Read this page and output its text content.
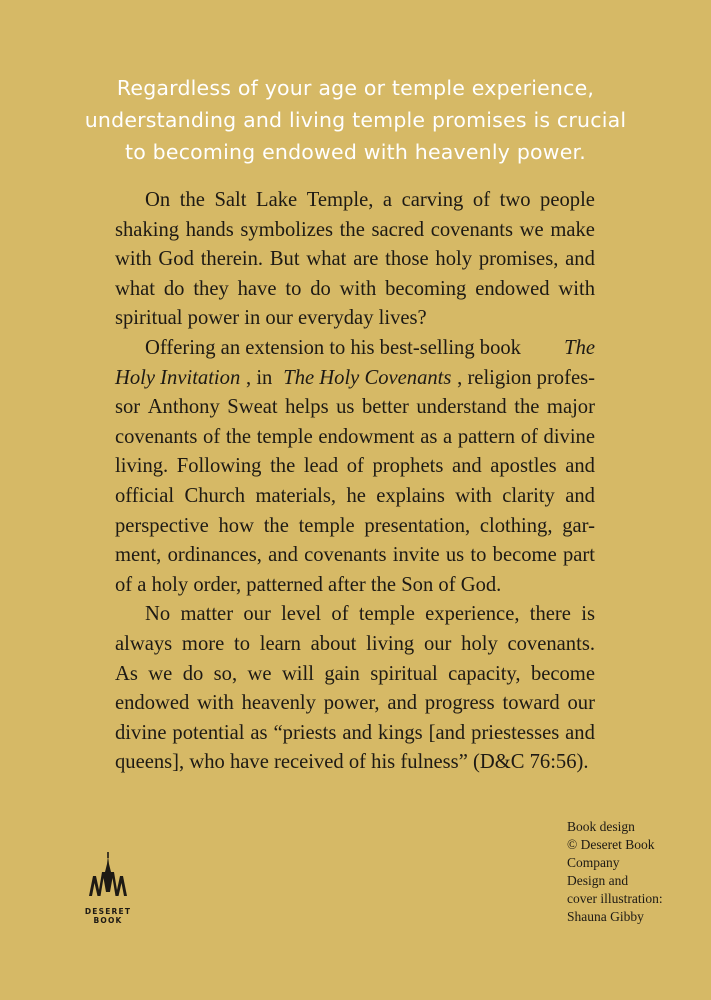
Regardless of your age or temple experience,
understanding and living temple promises is crucial
to becoming endowed with heavenly power.
On the Salt Lake Temple, a carving of two people
shaking hands symbolizes the sacred covenants we make
with God therein. But what are those holy promises, and
what do they have to do with becoming endowed with
spiritual power in our everyday lives?
Offering an extension to his best-selling book The
Holy Invitation , in The Holy Covenants , religion profes-
sor Anthony Sweat helps us better understand the major
covenants of the temple endowment as a pattern of divine
living. Following the lead of prophets and apostles and
official Church materials, he explains with clarity and
perspective how the temple presentation, clothing, gar-
ment, ordinances, and covenants invite us to become part
of a holy order, patterned after the Son of God.
No matter our level of temple experience, there is
always more to learn about living our holy covenants.
As we do so, we will gain spiritual capacity, become
endowed with heavenly power, and progress toward our
divine potential as “priests and kings [and priestesses and
queens], who have received of his fulness” (D&C 76:56).
DESERET
BOOK
Book design
© Deseret Book
Company
Design and
cover illustration:
Shauna Gibby
